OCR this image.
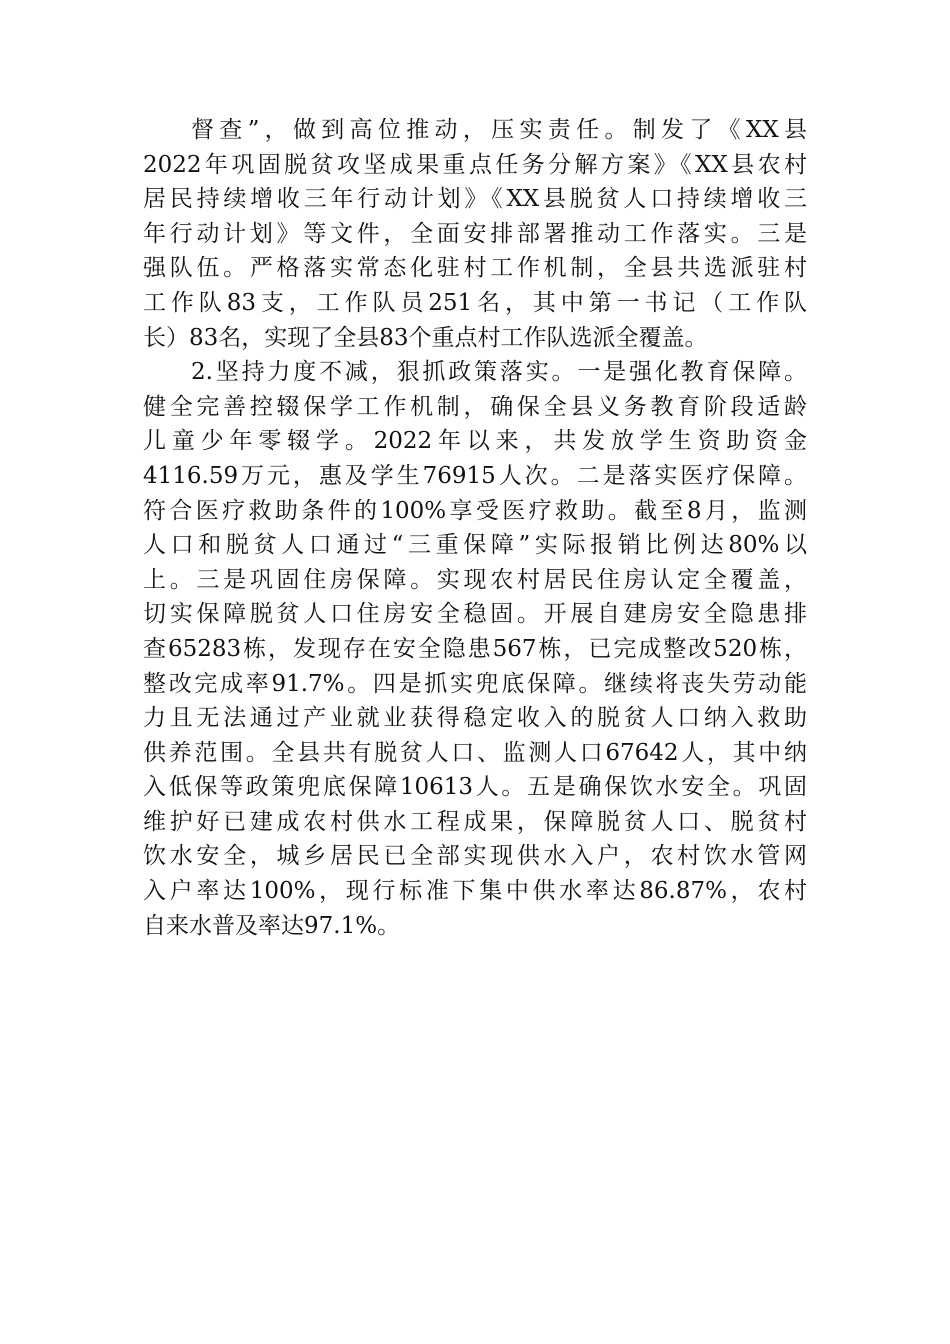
督查”，做到高位推动，压实责任。制发了《XX县
2022年巩固脱贫攻坚成果重点任务分解方案》《XX县农村
居民持续增收三年行动计划》《XX县脱贫人口持续增收三
年行动计划》等文件，全面安排部署推动工作落实。三是
强队伍。严格落实常态化驻村工作机制，全县共选派驻村
工作队83支，工作队员251名，其中第一书记（工作队
长）83名，实现了全县83个重点村工作队选派全覆盖。
2.坚持力度不减，狠抓政策落实。一是强化教育保障。
健全完善控辍保学工作机制，确保全县义务教育阶段适龄
儿童少年零辍学。2022年以来，共发放学生资助资金
4116.59万元，惠及学生76915人次。二是落实医疗保障。
符合医疗救助条件的100%享受医疗救助。截至8月，监测
人口和脱贫人口通过“三重保障”实际报销比例达80%以
上。三是巩固住房保障。实现农村居民住房认定全覆盖，
切实保障脱贫人口住房安全稳固。开展自建房安全隐患排
查65283栋，发现存在安全隐患567栋，已完成整改520栋，
整改完成率91.7%。四是抓实兜底保障。继续将丧失劳动能
力且无法通过产业就业获得稳定收入的脱贫人口纳入救助
供养范围。全县共有脱贫人口、监测人口67642人，其中纳
入低保等政策兜底保障10613人。五是确保饮水安全。巩固
维护好已建成农村供水工程成果，保障脱贫人口、脱贫村
饮水安全，城乡居民已全部实现供水入户，农村饮水管网
入户率达100%，现行标准下集中供水率达86.87%，农村
自来水普及率达97.1%。
